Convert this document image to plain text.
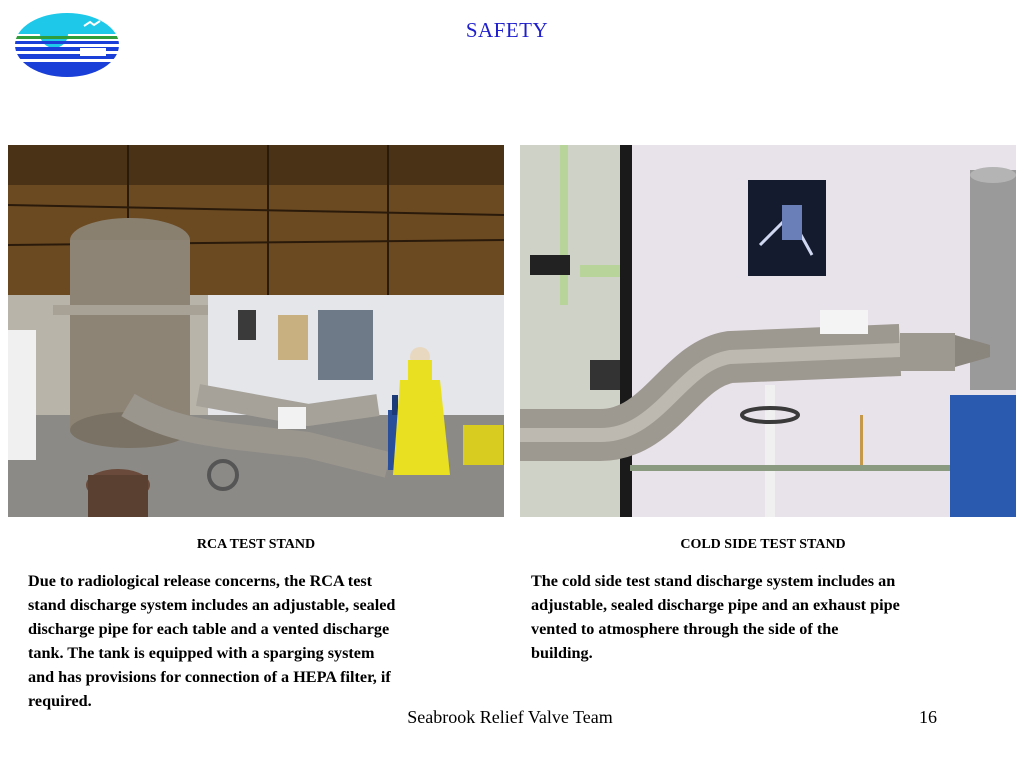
SAFETY
RCA TEST STAND	COLD SIDE TEST STAND
Due to radiological release concerns, the RCA test
stand discharge system includes an adjustable, sealed
discharge pipe for each table and a vented discharge
tank. The tank is equipped with a sparging system
and has provisions for connection of a HEPA filter, if
required.
The cold side test stand discharge system includes an
adjustable, sealed discharge pipe and an exhaust pipe
vented to atmosphere through the side of the
building.
Seabrook Relief Valve Team	16
